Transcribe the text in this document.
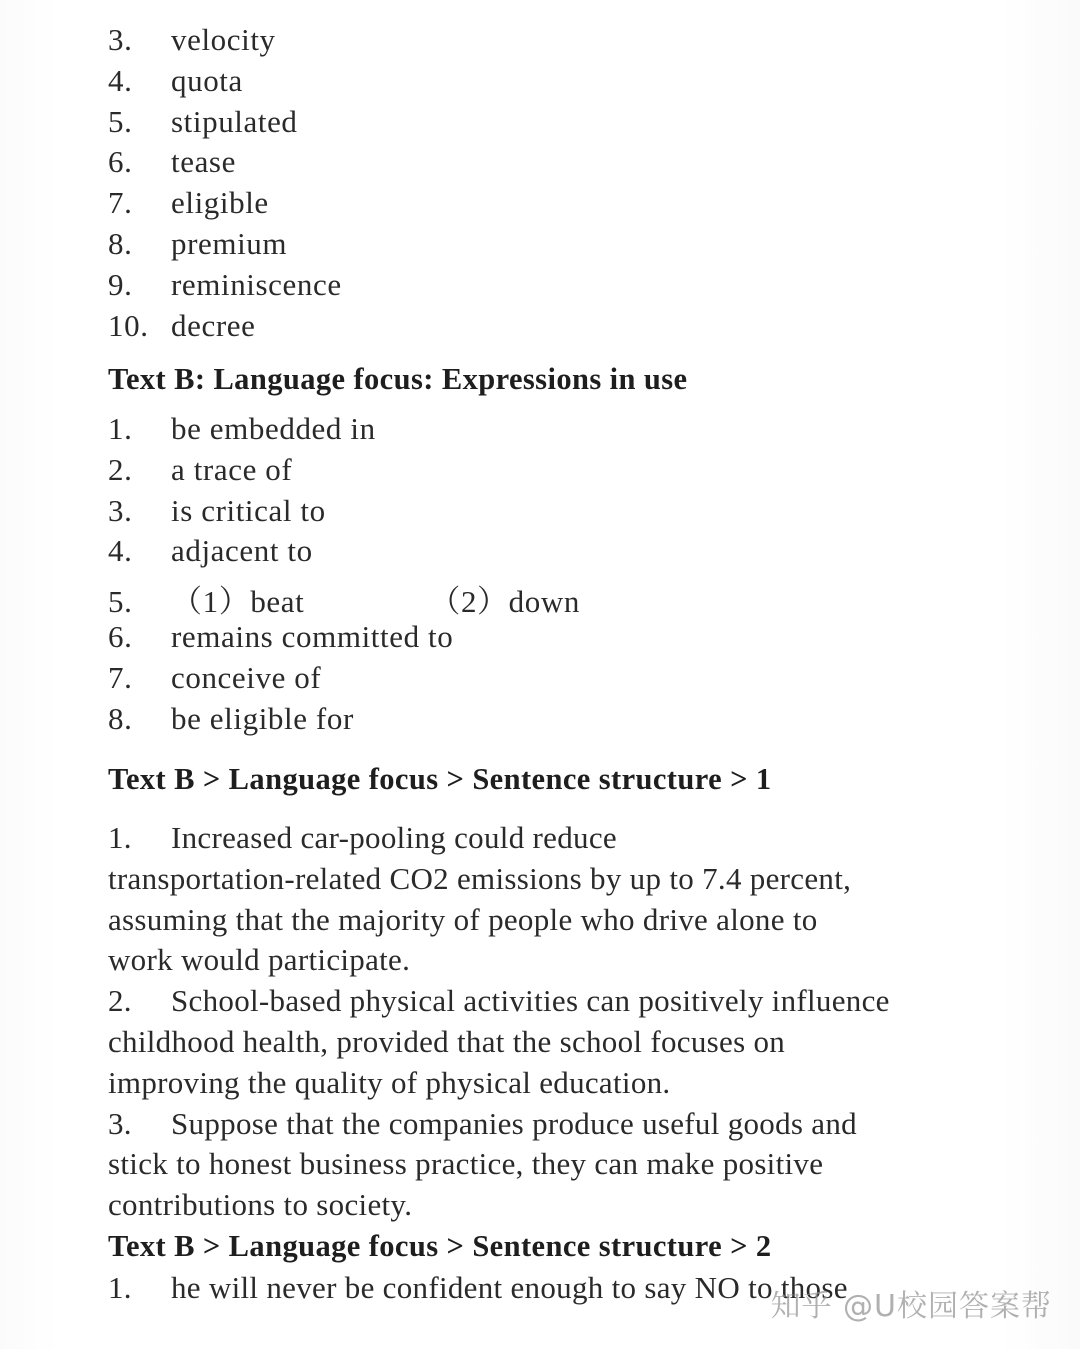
3.	velocity
4.	quota
5.	stipulated
6.	tease
7.	eligible
8.	premium
9.	reminiscence
10. decree
Text B: Language focus: Expressions in use
1.	be embedded in
2.	a trace of
3.	is critical to
4.	adjacent to
5.	（1） beat	（2） down
6.	remains committed to
7.	conceive of
8.	be eligible for
Text B > Language focus > Sentence structure > 1
1. Increased car-pooling could reduce
transportation-related CO2 emissions by up to 7.4 percent,
assuming that the majority of people who drive alone to
work would participate.
2. School-based physical activities can positively influence
childhood health, provided that the school focuses on
improving the quality of physical education.
3. Suppose that the companies produce useful goods and
stick to honest business practice, they can make positive
contributions to society.
Text B > Language focus > Sentence structure > 2
1. he will never be confident enough to say NO to those
知乎 @U校园答案帮
